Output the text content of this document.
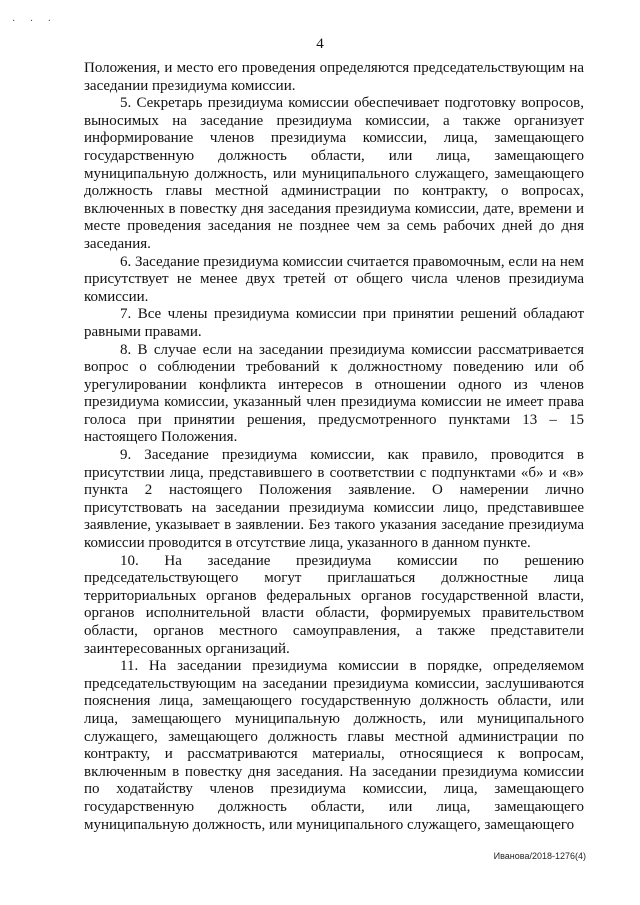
· · ·
4

Положения, и место его проведения определяются председательствующим на заседании президиума комиссии.

5. Секретарь президиума комиссии обеспечивает подготовку вопросов, выносимых на заседание президиума комиссии, а также организует информирование членов президиума комиссии, лица, замещающего государственную должность области, или лица, замещающего муниципальную должность, или муниципального служащего, замещающего должность главы местной администрации по контракту, о вопросах, включенных в повестку дня заседания президиума комиссии, дате, времени и месте проведения заседания не позднее чем за семь рабочих дней до дня заседания.

6. Заседание президиума комиссии считается правомочным, если на нем присутствует не менее двух третей от общего числа членов президиума комиссии.

7. Все члены президиума комиссии при принятии решений обладают равными правами.

8. В случае если на заседании президиума комиссии рассматривается вопрос о соблюдении требований к должностному поведению или об урегулировании конфликта интересов в отношении одного из членов президиума комиссии, указанный член президиума комиссии не имеет права голоса при принятии решения, предусмотренного пунктами 13 – 15 настоящего Положения.

9. Заседание президиума комиссии, как правило, проводится в присутствии лица, представившего в соответствии с подпунктами «б» и «в» пункта 2 настоящего Положения заявление. О намерении лично присутствовать на заседании президиума комиссии лицо, представившее заявление, указывает в заявлении. Без такого указания заседание президиума комиссии проводится в отсутствие лица, указанного в данном пункте.

10. На заседание президиума комиссии по решению председательствующего могут приглашаться должностные лица территориальных органов федеральных органов государственной власти, органов исполнительной власти области, формируемых правительством области, органов местного самоуправления, а также представители заинтересованных организаций.

11. На заседании президиума комиссии в порядке, определяемом председательствующим на заседании президиума комиссии, заслушиваются пояснения лица, замещающего государственную должность области, или лица, замещающего муниципальную должность, или муниципального служащего, замещающего должность главы местной администрации по контракту, и рассматриваются материалы, относящиеся к вопросам, включенным в повестку дня заседания. На заседании президиума комиссии по ходатайству членов президиума комиссии, лица, замещающего государственную должность области, или лица, замещающего муниципальную должность, или муниципального служащего, замещающего

Иванова/2018-1276(4)
